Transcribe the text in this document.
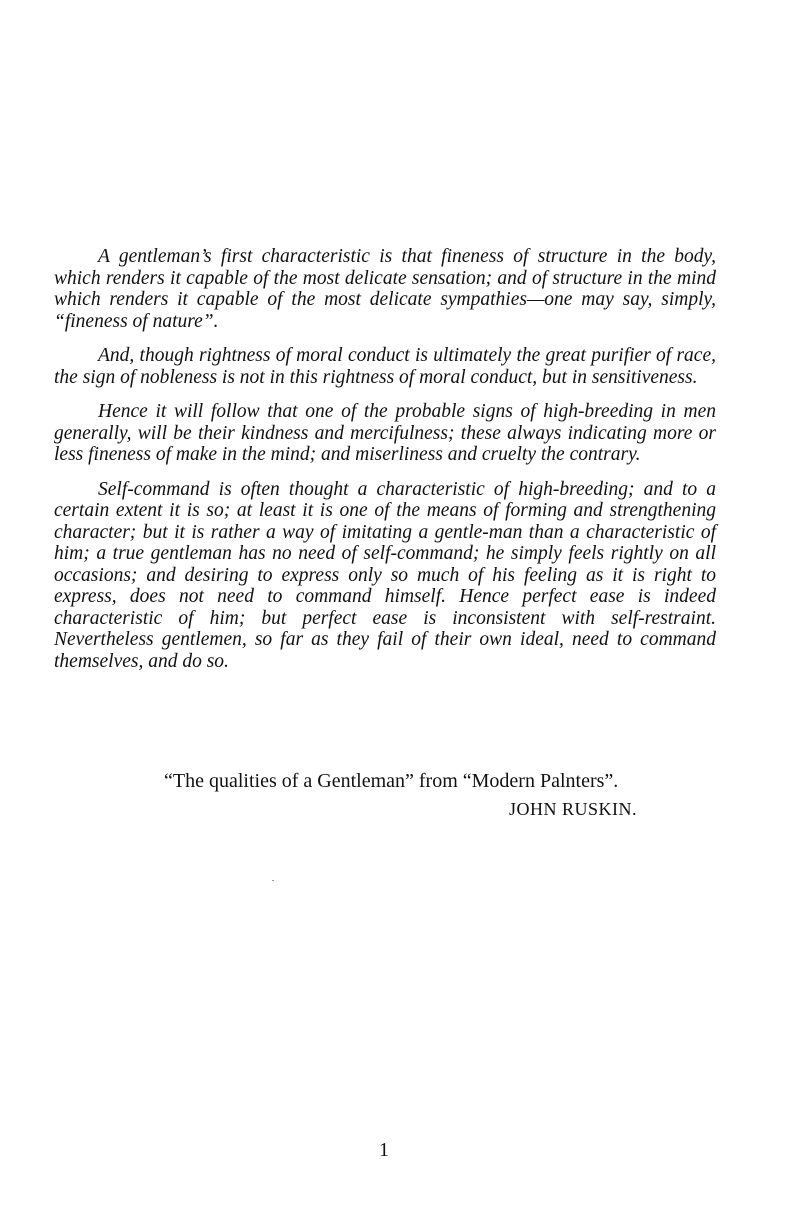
A gentleman’s first characteristic is that fineness of structure in the body, which renders it capable of the most delicate sensation; and of structure in the mind which renders it capable of the most delicate sympathies—one may say, simply, “fineness of nature”.

And, though rightness of moral conduct is ultimately the great purifier of race, the sign of nobleness is not in this rightness of moral conduct, but in sensitiveness.

Hence it will follow that one of the probable signs of high-breeding in men generally, will be their kindness and mercifulness; these always indicating more or less fineness of make in the mind; and miserliness and cruelty the contrary.

Self-command is often thought a characteristic of high-breeding; and to a certain extent it is so; at least it is one of the means of forming and strengthening character; but it is rather a way of imitating a gentle-man than a characteristic of him; a true gentleman has no need of self-command; he simply feels rightly on all occasions; and desiring to express only so much of his feeling as it is right to express, does not need to command himself. Hence perfect ease is indeed characteristic of him; but perfect ease is inconsistent with self-restraint. Nevertheless gentlemen, so far as they fail of their own ideal, need to command themselves, and do so.

“The qualities of a Gentleman” from “Modern Palnters”.
JOHN RUSKIN.
1
